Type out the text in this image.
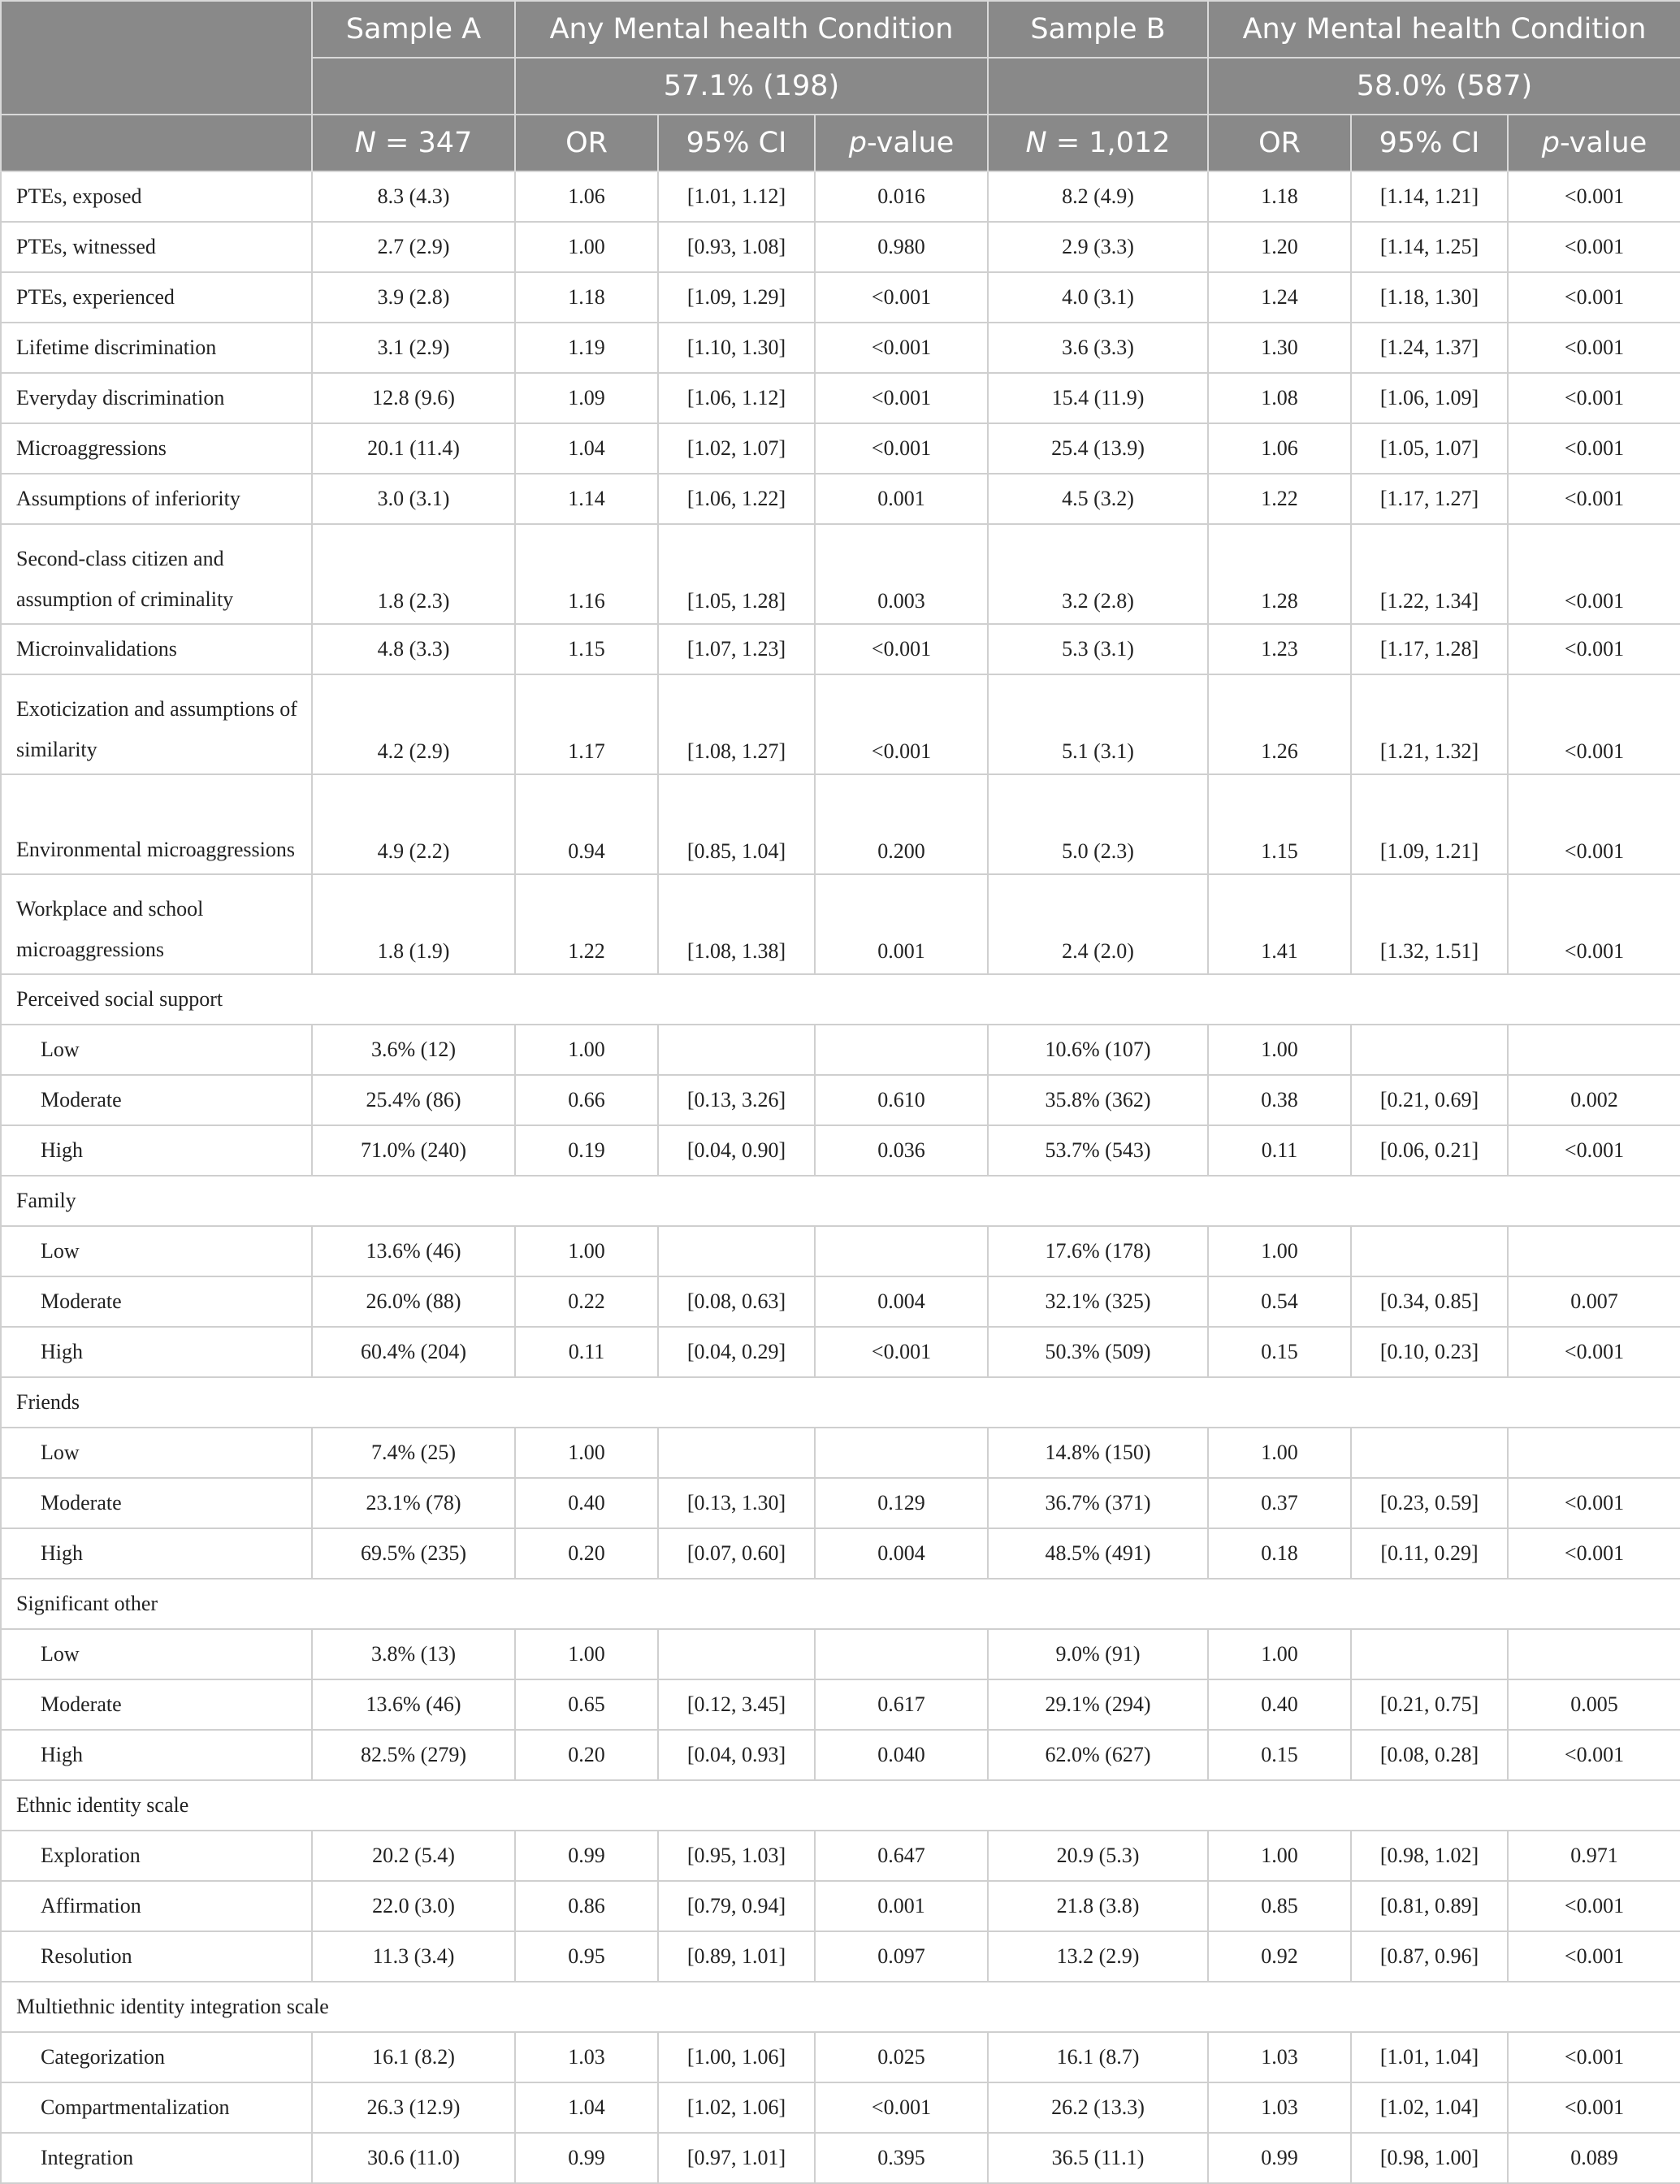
	Sample A	Any Mental health Condition			Sample B	Any Mental health Condition		
		57.1% (198)				58.0% (587)		
	N = 347	OR	95% CI	p-value	N = 1,012	OR	95% CI	p-value
PTEs, exposed	8.3 (4.3)	1.06	[1.01, 1.12]	0.016	8.2 (4.9)	1.18	[1.14, 1.21]	<0.001
PTEs, witnessed	2.7 (2.9)	1.00	[0.93, 1.08]	0.980	2.9 (3.3)	1.20	[1.14, 1.25]	<0.001
PTEs, experienced	3.9 (2.8)	1.18	[1.09, 1.29]	<0.001	4.0 (3.1)	1.24	[1.18, 1.30]	<0.001
Lifetime discrimination	3.1 (2.9)	1.19	[1.10, 1.30]	<0.001	3.6 (3.3)	1.30	[1.24, 1.37]	<0.001
Everyday discrimination	12.8 (9.6)	1.09	[1.06, 1.12]	<0.001	15.4 (11.9)	1.08	[1.06, 1.09]	<0.001
Microaggressions	20.1 (11.4)	1.04	[1.02, 1.07]	<0.001	25.4 (13.9)	1.06	[1.05, 1.07]	<0.001
Assumptions of inferiority	3.0 (3.1)	1.14	[1.06, 1.22]	0.001	4.5 (3.2)	1.22	[1.17, 1.27]	<0.001
Second-class citizen and assumption of criminality	1.8 (2.3)	1.16	[1.05, 1.28]	0.003	3.2 (2.8)	1.28	[1.22, 1.34]	<0.001
Microinvalidations	4.8 (3.3)	1.15	[1.07, 1.23]	<0.001	5.3 (3.1)	1.23	[1.17, 1.28]	<0.001
Exoticization and assumptions of similarity	4.2 (2.9)	1.17	[1.08, 1.27]	<0.001	5.1 (3.1)	1.26	[1.21, 1.32]	<0.001
Environmental microaggressions	4.9 (2.2)	0.94	[0.85, 1.04]	0.200	5.0 (2.3)	1.15	[1.09, 1.21]	<0.001
Workplace and school microaggressions	1.8 (1.9)	1.22	[1.08, 1.38]	0.001	2.4 (2.0)	1.41	[1.32, 1.51]	<0.001
Perceived social support								
Low	3.6% (12)	1.00			10.6% (107)	1.00		
Moderate	25.4% (86)	0.66	[0.13, 3.26]	0.610	35.8% (362)	0.38	[0.21, 0.69]	0.002
High	71.0% (240)	0.19	[0.04, 0.90]	0.036	53.7% (543)	0.11	[0.06, 0.21]	<0.001
Family								
Low	13.6% (46)	1.00			17.6% (178)	1.00		
Moderate	26.0% (88)	0.22	[0.08, 0.63]	0.004	32.1% (325)	0.54	[0.34, 0.85]	0.007
High	60.4% (204)	0.11	[0.04, 0.29]	<0.001	50.3% (509)	0.15	[0.10, 0.23]	<0.001
Friends								
Low	7.4% (25)	1.00			14.8% (150)	1.00		
Moderate	23.1% (78)	0.40	[0.13, 1.30]	0.129	36.7% (371)	0.37	[0.23, 0.59]	<0.001
High	69.5% (235)	0.20	[0.07, 0.60]	0.004	48.5% (491)	0.18	[0.11, 0.29]	<0.001
Significant other								
Low	3.8% (13)	1.00			9.0% (91)	1.00		
Moderate	13.6% (46)	0.65	[0.12, 3.45]	0.617	29.1% (294)	0.40	[0.21, 0.75]	0.005
High	82.5% (279)	0.20	[0.04, 0.93]	0.040	62.0% (627)	0.15	[0.08, 0.28]	<0.001
Ethnic identity scale								
Exploration	20.2 (5.4)	0.99	[0.95, 1.03]	0.647	20.9 (5.3)	1.00	[0.98, 1.02]	0.971
Affirmation	22.0 (3.0)	0.86	[0.79, 0.94]	0.001	21.8 (3.8)	0.85	[0.81, 0.89]	<0.001
Resolution	11.3 (3.4)	0.95	[0.89, 1.01]	0.097	13.2 (2.9)	0.92	[0.87, 0.96]	<0.001
Multiethnic identity integration scale								
Categorization	16.1 (8.2)	1.03	[1.00, 1.06]	0.025	16.1 (8.7)	1.03	[1.01, 1.04]	<0.001
Compartmentalization	26.3 (12.9)	1.04	[1.02, 1.06]	<0.001	26.2 (13.3)	1.03	[1.02, 1.04]	<0.001
Integration	30.6 (11.0)	0.99	[0.97, 1.01]	0.395	36.5 (11.1)	0.99	[0.98, 1.00]	0.089
